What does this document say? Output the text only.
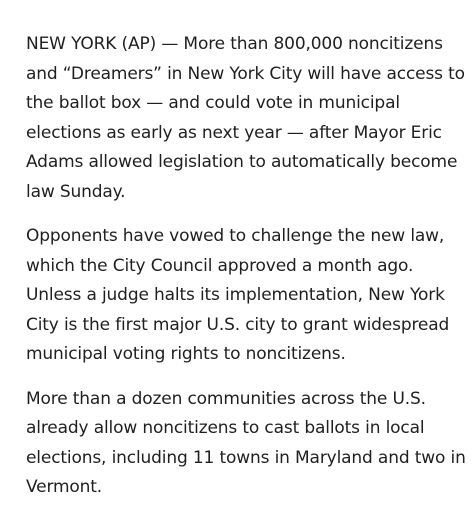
NEW YORK (AP) — More than 800,000 noncitizens and “Dreamers” in New York City will have access to the ballot box — and could vote in municipal elections as early as next year — after Mayor Eric Adams allowed legislation to automatically become law Sunday.

Opponents have vowed to challenge the new law, which the City Council approved a month ago. Unless a judge halts its implementation, New York City is the first major U.S. city to grant widespread municipal voting rights to noncitizens.

More than a dozen communities across the U.S. already allow noncitizens to cast ballots in local elections, including 11 towns in Maryland and two in Vermont.
